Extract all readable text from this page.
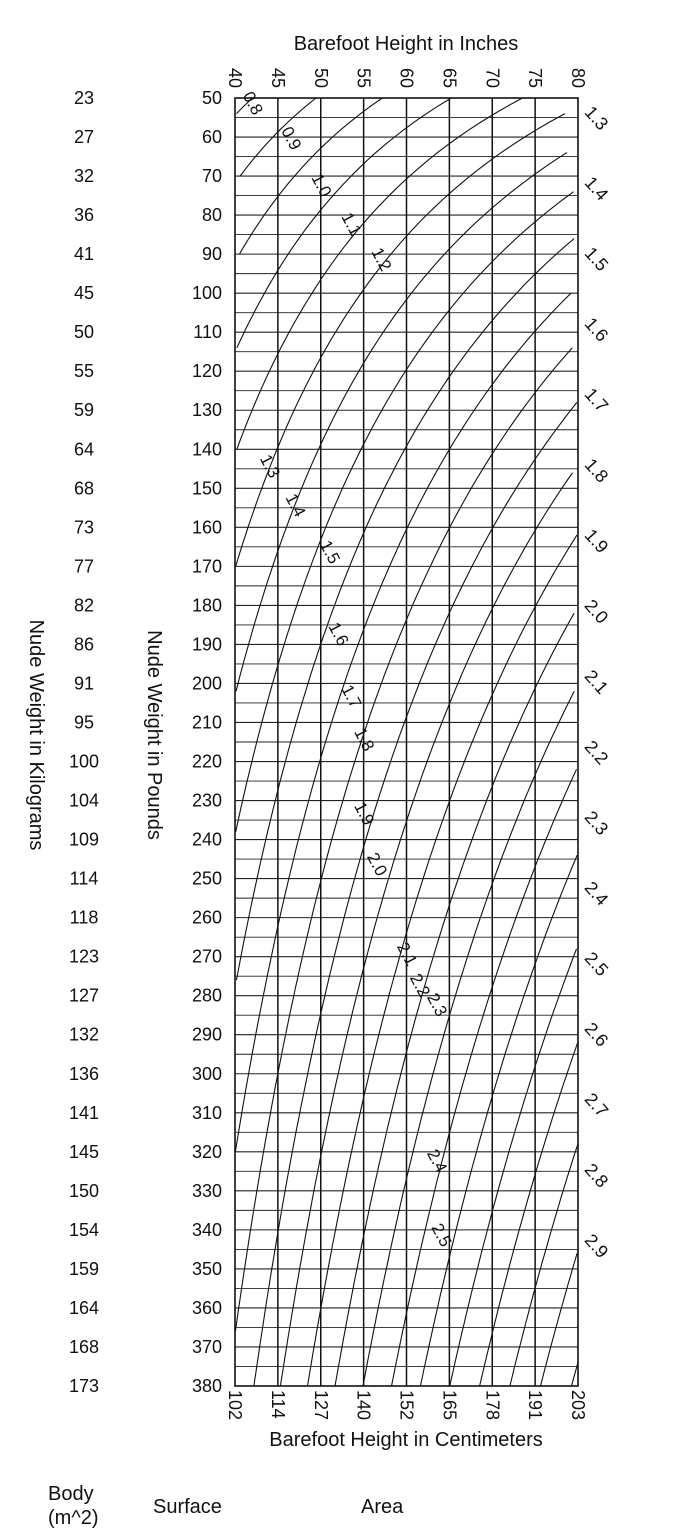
Barefoot Height in Inches
Barefoot Height in Centimeters
Nude Weight in Pounds
Nude Weight in Kilograms
40 45 50 55 60 65 70 75 80
102 114 127 140 152 165 178 191 203
50
60
70
80
90
100
110
120
130
140
150
160
170
180
190
200
210
220
230
240
250
260
270
280
290
300
310
320
330
340
350
360
370
380
23
27
32
36
41
45
50
55
59
64
68
73
77
82
86
91
95
100
104
109
114
118
123
127
132
136
141
145
150
154
159
164
168
173
1.3
1.4
1.5
1.6
1.7
1.8
1.9
2.0
2.1
2.2
2.3
2.4
2.5
2.6
2.7
2.8
2.9
0.8
0.9
1.0
1.1
1.2
1.3
1.4
1.5
1.6
1.7
1.8
1.9
2.0
2.1
2.2
2.3
2.4
2.5
Body
(m^2)	Surface	Area
